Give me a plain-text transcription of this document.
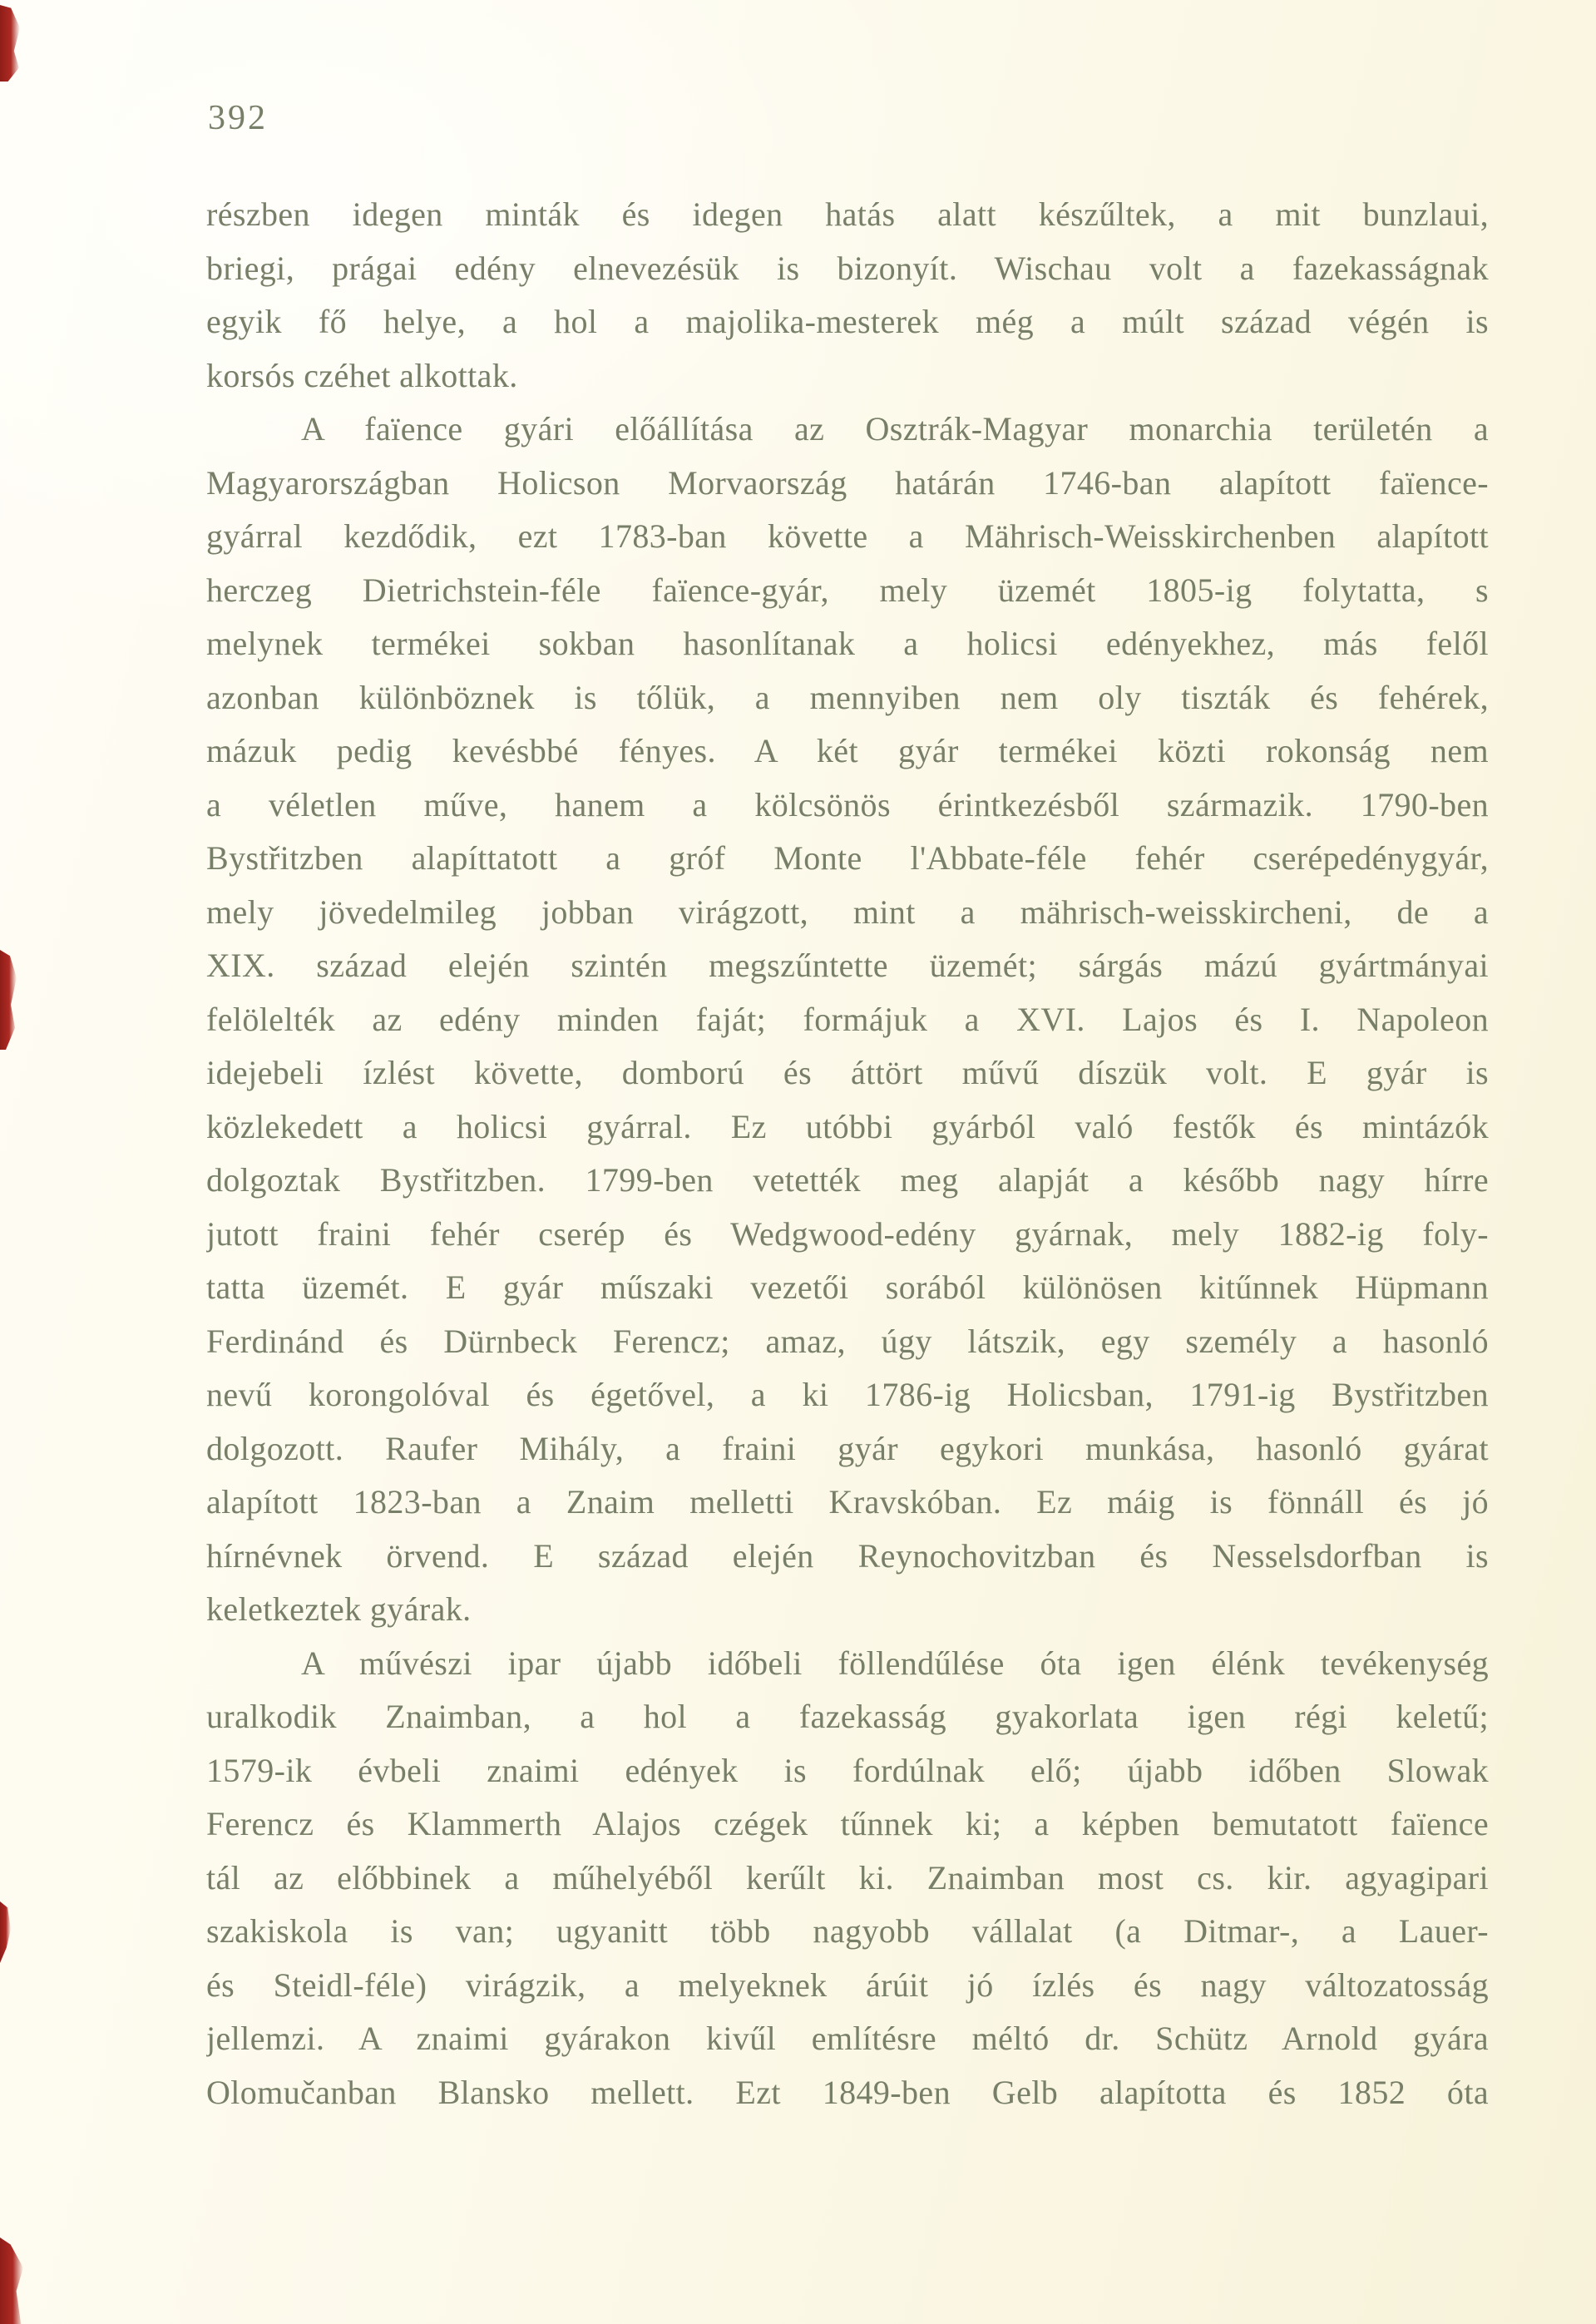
392
részben idegen minták és idegen hatás alatt készűltek, a mit bunzlaui,
briegi, prágai edény elnevezésük is bizonyít. Wischau volt a fazekasságnak
egyik fő helye, a hol a majolika-mesterek még a múlt század végén is
korsós czéhet alkottak.
A faïence gyári előállítása az Osztrák-Magyar monarchia területén a
Magyarországban Holicson Morvaország határán 1746-ban alapított faïence-
gyárral kezdődik, ezt 1783-ban követte a Mährisch-Weisskirchenben alapított
herczeg Dietrichstein-féle faïence-gyár, mely üzemét 1805-ig folytatta, s
melynek termékei sokban hasonlítanak a holicsi edényekhez, más felől
azonban különböznek is tőlük, a mennyiben nem oly tiszták és fehérek,
mázuk pedig kevésbbé fényes. A két gyár termékei közti rokonság nem
a véletlen műve, hanem a kölcsönös érintkezésből származik. 1790-ben
Bystřitzben alapíttatott a gróf Monte l'Abbate-féle fehér cserépedénygyár,
mely jövedelmileg jobban virágzott, mint a mährisch-weisskircheni, de a
XIX. század elején szintén megszűntette üzemét; sárgás mázú gyártmányai
felölelték az edény minden faját; formájuk a XVI. Lajos és I. Napoleon
idejebeli ízlést követte, domború és áttört művű díszük volt. E gyár is
közlekedett a holicsi gyárral. Ez utóbbi gyárból való festők és mintázók
dolgoztak Bystřitzben. 1799-ben vetették meg alapját a később nagy hírre
jutott fraini fehér cserép és Wedgwood-edény gyárnak, mely 1882-ig foly-
tatta üzemét. E gyár műszaki vezetői sorából különösen kitűnnek Hüpmann
Ferdinánd és Dürnbeck Ferencz; amaz, úgy látszik, egy személy a hasonló
nevű korongolóval és égetővel, a ki 1786-ig Holicsban, 1791-ig Bystřitzben
dolgozott. Raufer Mihály, a fraini gyár egykori munkása, hasonló gyárat
alapított 1823-ban a Znaim melletti Kravskóban. Ez máig is fönnáll és jó
hírnévnek örvend. E század elején Reynochovitzban és Nesselsdorfban is
keletkeztek gyárak.
A művészi ipar újabb időbeli föllendűlése óta igen élénk tevékenység
uralkodik Znaimban, a hol a fazekasság gyakorlata igen régi keletű;
1579-ik évbeli znaimi edények is fordúlnak elő; újabb időben Slowak
Ferencz és Klammerth Alajos czégek tűnnek ki; a képben bemutatott faïence
tál az előbbinek a műhelyéből kerűlt ki. Znaimban most cs. kir. agyagipari
szakiskola is van; ugyanitt több nagyobb vállalat (a Ditmar-, a Lauer-
és Steidl-féle) virágzik, a melyeknek árúit jó ízlés és nagy változatosság
jellemzi. A znaimi gyárakon kivűl említésre méltó dr. Schütz Arnold gyára
Olomučanban Blansko mellett. Ezt 1849-ben Gelb alapította és 1852 óta
